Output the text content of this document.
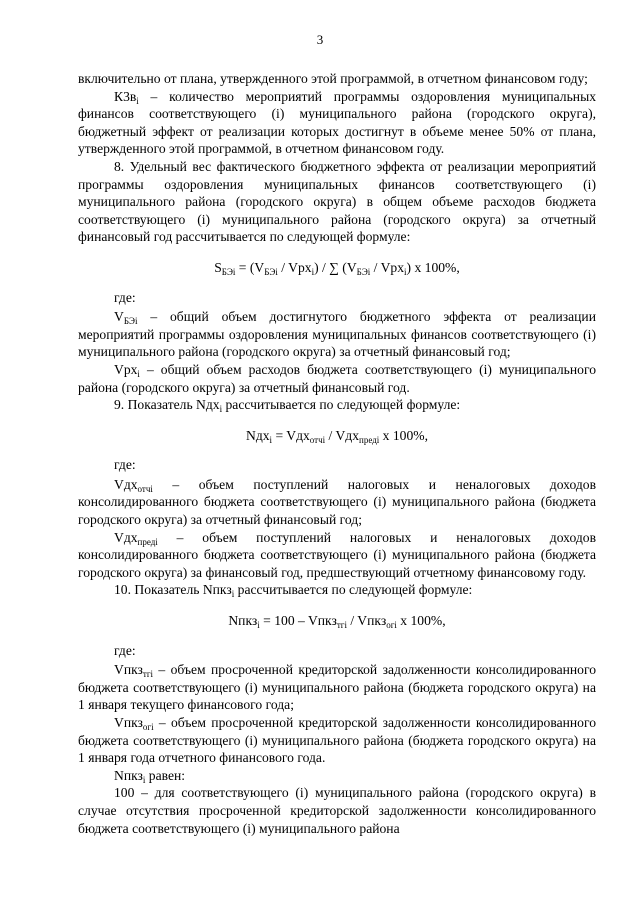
3

включительно от плана, утвержденного этой программой, в отчетном финансовом году;

$К3в_i$ – количество мероприятий программы оздоровления муниципальных финансов соответствующего (i) муниципального района (городского округа), бюджетный эффект от реализации которых достигнут в объеме менее 50% от плана, утвержденного этой программой, в отчетном финансовом году.

8. Удельный вес фактического бюджетного эффекта от реализации мероприятий программы оздоровления муниципальных финансов соответствующего (i) муниципального района (городского округа) в общем объеме расходов бюджета соответствующего (i) муниципального района (городского округа) за отчетный финансовый год рассчитывается по следующей формуле:

$S_{БЭi} = (V_{БЭi} / Vpx_i)$ / ∑ $(V_{БЭi} / Vpx_i)$ x 100%,

где:

$V_{БЭi}$ – общий объем достигнутого бюджетного эффекта от реализации мероприятий программы оздоровления муниципальных финансов соответствующего (i) муниципального района (городского округа) за отчетный финансовый год;

Vpx$_i$ – общий объем расходов бюджета соответствующего (i) муниципального района (городского округа) за отчетный финансовый год.

9. Показатель Nдх$_i$ рассчитывается по следующей формуле:

Nдх$_i$ = Vдх$_{отчi}$ / Vдх$_{предi}$ x 100%,

где:

Vдх$_{отчi}$ – объем поступлений налоговых и неналоговых доходов консолидированного бюджета соответствующего (i) муниципального района (бюджета городского округа) за отчетный финансовый год;

Vдх$_{предi}$ – объем поступлений налоговых и неналоговых доходов консолидированного бюджета соответствующего (i) муниципального района (бюджета городского округа) за финансовый год, предшествующий отчетному финансовому году.

10. Показатель Nпкз$_i$ рассчитывается по следующей формуле:

Nпкз$_i$ = 100 – Vпкз$_{тгi}$ / Vпкз$_{огi}$ x 100%,

где:

Vпкз$_{тгi}$ – объем просроченной кредиторской задолженности консолидированного бюджета соответствующего (i) муниципального района (бюджета городского округа) на 1 января текущего финансового года;

Vпкз$_{огi}$ – объем просроченной кредиторской задолженности консолидированного бюджета соответствующего (i) муниципального района (бюджета городского округа) на 1 января года отчетного финансового года.

Nпкз$_i$ равен:

100 – для соответствующего (i) муниципального района (городского округа) в случае отсутствия просроченной кредиторской задолженности консолидированного бюджета соответствующего (i) муниципального района
